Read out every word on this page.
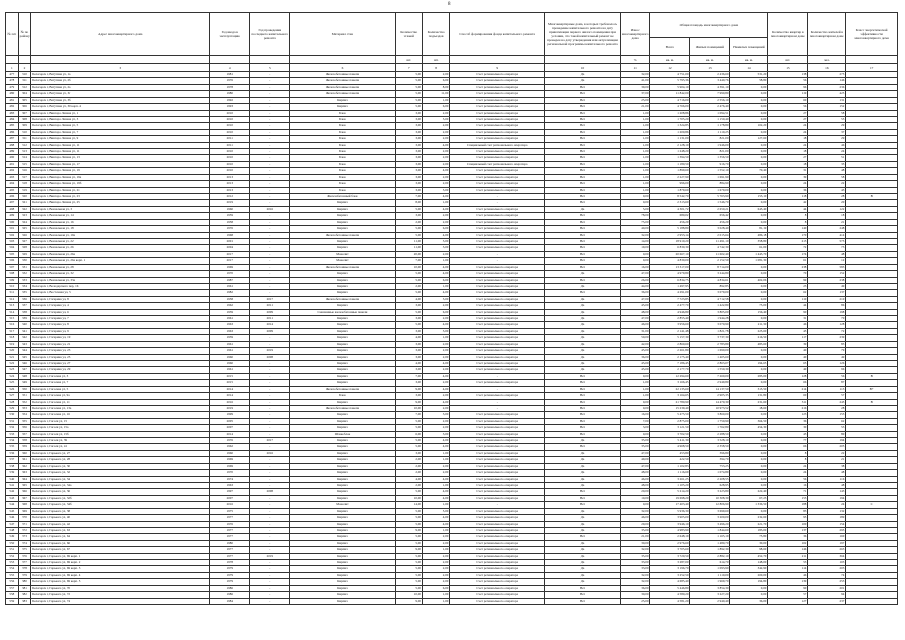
8
№ п/п	№ по району	Адрес многоквартирного дома	Год ввода в эксплуатацию	Год проведения последнего капитального ремонта	Материал стен	Количество этажей	Количество подъездов	Способ формирования фонда капитального ремонта	Многоквартирные дома, в которых требовалось проведение капитального ремонта на дату приватизации первого жилого помещения при условии, что такой капитальный ремонт не проведен на дату утверждения или актуализации региональной программы капитального ремонта	Износ многоквартирного дома	Общая площадь многоквартирного дома			Количество квартир в многоквартирном доме	Количество жителей в многоквартирном доме	Класс энергетической эффективности многоквартирного дома
											Всего	Жилых помещений	Нежилых помещений			
						шт.	шт.			%	кв. м.	кв. м.	кв. м.	шт.	чел.	
1	2	3	4	5	6	7	8	9	10	11	12	13	14	15	16	17
477	310	Белогорск г, Ватутина ул, 1а	1981	-	Железобетонные панели	5,00	2,00	Счет регионального оператора	Да	32,00	4 751,00	2 436,60	531,20	138	275	
478	311	Белогорск г, Ватутина ул, 2б	1976	-	Железобетонные панели	5,00	6,00	Счет регионального оператора	Да	41,00	5 795,36	3 440,76	58,80	56	146	
479	312	Белогорск г, Ватутина ул, 2а	1978	-	Железобетонные панели	5,00	8,00	Счет регионального оператора	Нет	39,00	5 904,10	4 391,10	0,00	96	236	
480	304	Белогорск г, Ватутина ул, 3г	1980	-	Железобетонные панели	5,00	11,00	Счет регионального оператора	Нет	37,00	11 842,00	7 990,80	0,00	119	425	
481	305	Белогорск г, Ватутина ул, 3б	1992	-	Кирпич	5,00	1,00	Счет регионального оператора	Нет	25,00	4 716,00	2 556,10	0,00	60	131	
482	306	Белогорск г, Ватутина ул, 30 корп. 4	1993	-	Кирпич	5,00	6,00	Счет регионального оператора	Нет	21,00	4 766,00	2 476,40	0,00	56	152	
483	307	Белогорск г, Виктора Лазина ул, 1	2010	-	Блок	3,00	2,00	Счет регионального оператора	Нет	1,00	1 208,86	1 094,51	0,00	27	58	
484	308	Белогорск г, Виктора Лазина ул, 3	2010	-	Блок	3,00	3,00	Счет регионального оператора	Нет	1,00	1 705,20	1 150,40	0,00	27	55	
485	309	Белогорск г, Виктора Лазина ул, 5	2010	-	Блок	3,00	2,00	Счет регионального оператора	Нет	1,00	1 324,85	1 178,80	102,20	24	29	
486	310	Белогорск г, Виктора Лазина ул, 7	2010	-	Блок	3,00	2,00	Счет регионального оператора	Нет	1,00	1 200,86	1 110,25	0,00	24	37	
487	311	Белогорск г, Виктора Лазина ул, 9	2011	-	Блок	3,00	2,00	Счет регионального оператора	Нет	1,00	1 131,00	821,00	127,60	18	29	
488	312	Белогорск г, Виктора Лазина ул, 11	2011	-	Блок	3,00	4,00	Специальный счет регионального оператора	Нет	1,00	2 128,10	1 946,00	0,00	24	46	
489	313	Белогорск г, Виктора Лазина ул, 11	2010	-	Блок	3,00	2,00	Счет регионального оператора	Нет	1,00	1 248,20	821,00	0,00	18	24	
490	314	Белогорск г, Виктора Лазина ул, 13	2010	-	Блок	3,00	2,00	Счет регионального оператора	Нет	1,00	1 394,50	1 356,50	0,00	27	51	
491	315	Белогорск г, Виктора Лазина ул, 17	2010	-	Блок	3,00	2,00	Специальный счет регионального оператора	Нет	1,00	1 180,50	916,70	0,00	18	35	
492	316	Белогорск г, Виктора Лазина ул, 19	2010	-	Блок	3,00	4,00	Счет регионального оператора	Нет	1,00	1 899,60	1 552,10	70,40	31	48	
493	317	Белогорск г, Виктора Лазина ул, 19а	2013	-	Блок	3,00	2,00	Счет регионального оператора	Нет	1,00	2 227,90	1 691,90	0,00	39	58	
494	318	Белогорск г, Виктора Лазина ул, 19б	2013	-	Блок	3,00	2,00	Счет регионального оператора	Нет	1,00	996,00	884,90	0,00	24	22	
495	319	Белогорск г, Виктора Лазина ул, 21	2013	-	Блок	3,00	3,00	Счет регионального оператора	Нет	1,00	1 879,60	1 679,00	0,00	36	43	
496	320	Белогорск г, Виктора Лазина ул, 23	2012	-	Железобетонный блок	7,00	4,00	-	Нет	0,00	8 542,70	5 763,90	153,10	118	28	В
497	321	Белогорск г, Виктора Лазина ул, 25	2019	-	Кирпич	8,00	1,00	-	Нет	0,00	2 313,60	1 546,70	0,00	42	20	
498	322	Белогорск г, Вокзальная ул, 3	1960	2016	Кирпич	5,00	4,00	Счет регионального оператора	Да	5,00	4 301,72	2 650,21	645,40	44	122	
499	323	Белогорск г, Вокзальная ул, 14	1959	-	Кирпич	3,00	2,00	Счет регионального оператора	Нет	78,00	680,02	656,42	0,00	8	18	
500	324	Белогорск г, Вокзальная ул, 16	1958	-	Кирпич	2,00	2,00	Счет регионального оператора	Нет	75,00	456,29	456,29	0,00	8	21	
501	325	Белогорск г, Вокзальная ул, 18	1976	-	Кирпич	5,00	6,00	Счет регионального оператора	Нет	40,00	5 188,80	3 028,40	81,19	140	248	
502	326	Белогорск г, Вокзальная ул, 19а	1968	-	Железобетонные панели	5,00	4,00	Счет регионального оператора	Нет	32,00	2 953,14	2 015,64	486,18	170	414	
503	327	Белогорск г, Вокзальная ул, 22	2001	-	Кирпич	11,00	3,00	Счет регионального оператора	Нет	14,00	18 910,20	11 491,10	358,80	215	575	
504	328	Белогорск г, Вокзальная ул, 26	2004	-	Кирпич	11,00	3,00	Счет регионального оператора	Нет	19,00	6 830,30	4 742,30	61,00	72	73	
505	329	Белогорск г, Вокзальная ул, 26а	2017	-	Монолит	20,00	2,00	-	Нет	0,00	20 667,10	11 602,40	1 443,70	174	48	
506	330	Белогорск г, Вокзальная ул, 26а корп. 1	2017	-	Монолит	7,00	1,00	-	Нет	0,00	4 830,00	2 152,50	1 081,30	61	12	
507	331	Белогорск г, Вокзальная ул, 28	1969	-	Железобетонные панели	10,00	4,00	Счет регионального оператора	Нет	16,00	13 317,00	8 714,00	0,00	238	583	
508	332	Белогорск г, Вокзальная ул, 32	1970	-	Кирпич	5,00	4,00	Счет регионального оператора	Да	47,00	4 979,80	3 244,80	0,00	70	152	
509	333	Белогорск г, Вокзальная ул, 33а	1987	-	Кирпич	5,00	6,00	Счет регионального оператора	Нет	26,00	6 834,75	4 834,61	402,06	99	238	
510	334	Белогорск г, Володарского пер, 16	1961	-	Кирпич	2,00	1,00	Счет регионального оператора	Да	44,00	1 497,95	892,85	0,00	23	49	
511	335	Белогорск г, Восточная ул, 5	1982	-	Кирпич	5,00	4,00	Счет регионального оператора	Нет	36,00	4 291,00	3 079,00	0,00	62	137	
512	336	Белогорск г, Гагарина ул, 8	1958	2017	Железобетонные панели	4,00	3,00	Счет регионального оператора	Да	47,00	7 723,85	4 712,58	0,00	110	210	
513	337	Белогорск г, Гагарина ул, 4	1962	2011	Кирпич	3,00	2,00	Счет регионального оператора	Да	45,00	2 477,70	1 422,80	75,00	44	86	
514	338	Белогорск г, Гагарина ул, 6	1939	2009	Смешанные железобетонные панели	5,00	6,00	Счет регионального оператора	Да	48,00	4 946,80	3 805,00	156,40	90	198	
515	339	Белогорск г, Гагарина ул, 7	1961	2011	Кирпич	3,00	2,00	Счет регионального оператора	Да	47,00	2 855,40	1 944,28	0,00	31	70	
516	340	Белогорск г, Гагарина ул, 8	1963	2014	Кирпич	5,00	4,00	Счет регионального оператора	Да	46,00	3 956,60	3 070,90	211,30	46	128	
517	341	Белогорск г, Гагарина ул, 9	1963	2009	Кирпич	3,00	3,00	Счет регионального оператора	Да	31,00	2 141,48	1 821,78	225,60	45	72	
518	342	Белогорск г, Гагарина ул, 19	1939	-	Кирпич	4,00	1,00	Счет регионального оператора	Да	50,00	5 157,30	3 737,30	216,50	117	239	
519	343	Белогорск г, Гагарина ул, 21	1961	-	Кирпич	3,00	2,00	Счет регионального оператора	Да	42,00	2 860,60	2 783,89	483,60	39	83	
520	344	Белогорск г, Гагарина ул, 23	1961	2019	Кирпич	3,00	2,00	Счет регионального оператора	Да	45,00	2 261,80	1 690,00	0,00	40	79	
521	345	Белогорск г, Гагарина ул, 25	1960	2008	Кирпич	3,00	2,00	Счет регионального оператора	Да	36,00	2 175,40	1 405,60	0,00	40	49	
522	346	Белогорск г, Гагарина ул, 27	1960	-	Кирпич	4,00	4,00	Счет регионального оператора	Да	45,00	7 186,45	2 863,07	194,65	65	126	
523	347	Белогорск г, Гагарина ул, 29	1961	-	Кирпич	3,00	2,00	Счет регионального оператора	Да	45,00	2 177,70	1 550,30	0,00	40	96	
524	348	Белогорск г, Гоголева ул, 3	2015	-	Кирпич	7,00	4,00	-	Нет	0,00	12 294,60	7 260,00	285,00	128	56	В
525	349	Белогорск г, Гоголева ул, 7	2015	-	Кирпич	3,00	2,00	Счет регионального оператора	Нет	1,00	3 166,45	2 949,80	0,00	66	87	
526	350	Белогорск г, Гоголева ул, 5	2014	-	Железобетонные панели	9,00	4,00	-	Нет	1,00	22 135,60	14 137,50	315,50	214	113	В+
527	351	Белогорск г, Гоголева ул, 9а	2014	-	Блок	3,00	2,00	Счет регионального оператора	Нет	1,00	3 164,65	2 905,35	131,80	60	57	
528	352	Белогорск г, Гоголева ул, 11	2016	-	Кирпич	9,00	4,00	-	Нет	0,00	21 780,90	14 470,30	231,60	311	245	В
529	353	Белогорск г, Гоголева ул, 13а	2019	-	Железобетонные панели	10,00	2,00	-	Нет	0,00	15 239,40	10 973,52	18,60	216	28	
530	354	Белогорск г, Гоголева ул, 16	1999	-	Кирпич	7,00	3,00	Счет регионального оператора	Нет	16,00	5 475,50	3 860,00	0,00	123	155	
531	355	Белогорск г, Гоголя ул, 15	2005	-	Кирпич	5,00	2,00	Счет регионального оператора	Нет	7,00	2 875,00	1 750,90	364,50	36	62	
532	356	Белогорск г, Гоголя ул, 15а	2007	-	Кирпич	5,00	2,00	Счет регионального оператора	Нет	3,00	3 121,50	1 762,80	454,30	30	53	
533	357	Белогорск г, Гоголя ул, 15б	2014	-	Шлакоблок	6,00	3,00	Счет регионального оператора	Нет	0,00	3 702,50	2 288,50	0,00	45	80	
534	358	Белогорск г, Гоголя ул, 39	1976	2017	Кирпич	5,00	4,00	Счет регионального оператора	Да	35,00	5 411,30	3 528,10	0,00	77	194	
535	359	Белогорск г, Гоголя ул, 41	1962	-	Кирпич	5,00	4,00	Счет регионального оператора	Нет	35,00	4 968,50	2 358,50	0,00	66	205	
536	360	Белогорск г, Горького ул, 27	1960	2016	Кирпич	3,00	1,00	Счет регионального оператора	Да	47,00	453,80	396,80	0,00	8	22	
537	361	Белогорск г, Горького ул, 28	1969	-	Кирпич	2,00	1,00	Счет регионального оператора	Да	49,00	422,50	394,70	0,00	8	21	
538	362	Белогорск г, Горького ул, 30	1969	-	Кирпич	2,00	2,00	Счет регионального оператора	Да	47,00	1 102,83	753,25	0,00	24	38	
539	363	Белогорск г, Горького ул, 32	1970	-	Кирпич	2,00	2,00	Счет регионального оператора	Да	48,00	1 116,69	1 074,89	0,00	24	48	
540	364	Белогорск г, Горького ул, 34	1974	-	Кирпич	4,00	4,00	Счет регионального оператора	Да	46,00	3 261,25	2 208,55	0,00	56	116	
541	365	Белогорск г, Горького ул, 34а	1963	-	Кирпич	2,00	1,00	Счет регионального оператора	Да	48,00	1 105,20	628,95	0,00	16	48	
542	366	Белогорск г, Горького ул, 36	1997	2008	Кирпич	5,00	4,00	Счет регионального оператора	Нет	20,00	5 214,20	3 223,80	222,40	71	143	
543	367	Белогорск г, Горького ул, 32б	2007	-	Кирпич	10,00	4,00	Счет регионального оператора	Нет	10,00	19 698,20	10 308,30	67,25	155	194	
544	368	Белогорск г, Горького ул, 34б	2016	-	Монолит	14,00	1,00	-	Нет	0,00	17 403,40	12 806,90	1 336,50	188	24	С
545	369	Белогорск г, Горького ул, 38	1975	-	Кирпич	5,00	5,00	Счет регионального оператора	Да	32,00	5 936,30	3 699,60	0,00	83	132	
546	370	Белогорск г, Горького ул, 40	1977	-	Кирпич	5,00	4,00	Счет регионального оператора	Да	46,00	3 905,00	3 200,00	232,60	95	189	
547	371	Белогорск г, Горького ул, 42	1976	-	Кирпич	5,00	4,00	Счет регионального оператора	Да	29,00	3 946,10	3 496,20	221,70	100	154	
548	372	Белогорск г, Горького ул, 63	1977	-	Кирпич	9,00	1,00	Счет регионального оператора	Да	35,00	4 983,90	1 844,60	183,00	137	295	
549	373	Белогорск г, Горького ул, 64	1977	-	Кирпич	5,00	2,00	Счет регионального оператора	Нет	21,00	2 648,19	1 165,19	75,80	36	160	
550	374	Белогорск г, Горького ул, 66	1980	-	Кирпич	5,00	2,00	Счет регионального оператора	Да	30,00	2 976,60	1 480,70	30,00	102	197	
551	375	Белогорск г, Горького ул, 67	1977	-	Кирпич	9,00	1,00	Счет регионального оператора	Да	32,00	3 705,60	1 892,30	98,60	146	263	
552	376	Белогорск г, Горького ул, 69 корп. 1	1977	2019	Кирпич	5,00	2,00	Счет регионального оператора	Да	35,00	3 720,50	2 882,10	452,70	211	364	
553	377	Белогорск г, Горького ул, 69 корп. 2	1978	-	Кирпич	5,00	2,00	Счет регионального оператора	Да	33,00	3 287,00	614,70	148,00	53	103	
554	378	Белогорск г, Горького ул, 69 корп. 3	1979	-	Кирпич	5,00	2,00	Счет регионального оператора	Да	33,00	3 196,70	1 093,90	342,90	114	203	
555	379	Белогорск г, Горького ул, 69 корп. 4	1979	-	Кирпич	5,00	2,00	Счет регионального оператора	Да	32,00	3 252,50	1 110,00	200,00	46	74	
556	380	Белогорск г, Горького ул, 69 корп. 5	1979	-	Кирпич	5,00	2,00	Счет регионального оператора	Да	32,00	4 685,40	1 969,70	194,80	139	253	
557	381	Белогорск г, Горького ул, 70	1986	-	Кирпич	5,00	6,00	Счет регионального оператора	Нет	36,00	5 446,80	3 854,30	0,00	90	201	
558	382	Белогорск г, Горького ул, 72	1986	-	Кирпич	10,00	1,00	Счет регионального оператора	Нет	30,00	4 580,20	3 227,20	0,00	57	94	
559	383	Белогорск г, Горького ул, 74	1984	-	Кирпич	9,00	1,00	Счет регионального оператора	Нет	25,00	4 581,20	2 940,40	36,00	127	237	
